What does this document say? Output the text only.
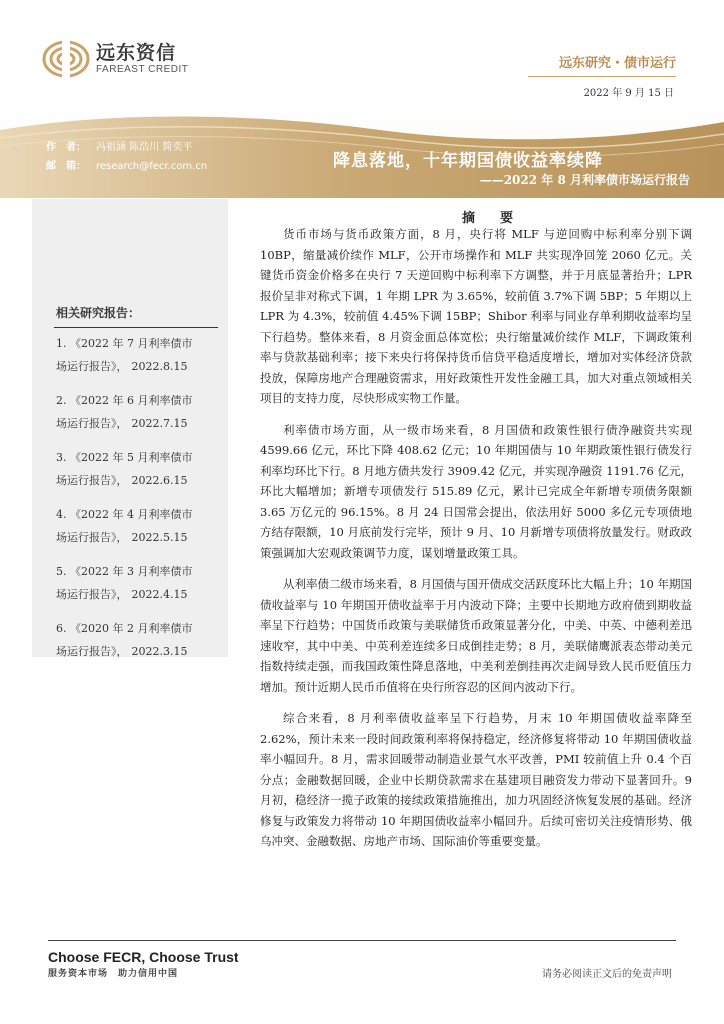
远东资信
FAREAST CREDIT	远东研究・债市运行
2022 年 9 月 15 日
作　者： 冯祖涵 陈浩川 简奕平
邮　箱： research@fecr.com.cn	降息落地，十年期国债收益率续降
——2022 年 8 月利率债市场运行报告
相关研究报告：
1. 《2022 年 7 月利率债市
场运行报告》， 2022.8.15
2. 《2022 年 6 月利率债市
场运行报告》， 2022.7.15
3. 《2022 年 5 月利率债市
场运行报告》， 2022.6.15
4. 《2022 年 4 月利率债市
场运行报告》， 2022.5.15
5. 《2022 年 3 月利率债市
场运行报告》， 2022.4.15
6. 《2020 年 2 月利率债市
场运行报告》， 2022.3.15
摘　要

货币市场与货币政策方面，8 月，央行将 MLF 与逆回购中标利率分别下调 10BP，缩量减价续作 MLF，公开市场操作和 MLF 共实现净回笼 2060 亿元。关键货币资金价格多在央行 7 天逆回购中标利率下方调整，并于月底显著抬升；LPR 报价呈非对称式下调，1 年期 LPR 为 3.65%，较前值 3.7%下调 5BP；5 年期以上 LPR 为 4.3%，较前值 4.45%下调 15BP；Shibor 利率与同业存单利期收益率均呈下行趋势。整体来看，8 月资金面总体宽松；央行缩量减价续作 MLF，下调政策利率与贷款基础利率；接下来央行将保持货币信贷平稳适度增长，增加对实体经济贷款投放，保障房地产合理融资需求，用好政策性开发性金融工具，加大对重点领域相关项目的支持力度，尽快形成实物工作量。

利率债市场方面，从一级市场来看，8 月国债和政策性银行债净融资共实现 4599.66 亿元，环比下降 408.62 亿元；10 年期国债与 10 年期政策性银行债发行利率均环比下行。8 月地方债共发行 3909.42 亿元，并实现净融资 1191.76 亿元，环比大幅增加；新增专项债发行 515.89 亿元，累计已完成全年新增专项债务限额 3.65 万亿元的 96.15%。8 月 24 日国常会提出，依法用好 5000 多亿元专项债地方结存限额，10 月底前发行完毕，预计 9 月、10 月新增专项债将放量发行。财政政策强调加大宏观政策调节力度，谋划增量政策工具。

从利率债二级市场来看，8 月国债与国开债成交活跃度环比大幅上升；10 年期国债收益率与 10 年期国开债收益率于月内波动下降；主要中长期地方政府债到期收益率呈下行趋势；中国货币政策与美联储货币政策显著分化，中美、中英、中德利差迅速收窄，其中中美、中英利差连续多日成倒挂走势；8 月，美联储鹰派表态带动美元指数持续走强，而我国政策性降息落地，中美利差倒挂再次走阔导致人民币贬值压力增加。预计近期人民币币值将在央行所容忍的区间内波动下行。

综合来看，8 月利率债收益率呈下行趋势，月末 10 年期国债收益率降至 2.62%，预计未来一段时间政策利率将保持稳定，经济修复将带动 10 年期国债收益率小幅回升。8 月，需求回暖带动制造业景气水平改善，PMI 较前值上升 0.4 个百分点；金融数据回暖，企业中长期贷款需求在基建项目融资发力带动下显著回升。9 月初，稳经济一揽子政策的接续政策措施推出，加力巩固经济恢复发展的基础。经济修复与政策发力将带动 10 年期国债收益率小幅回升。后续可密切关注疫情形势、俄乌冲突、金融数据、房地产市场、国际油价等重要变量。

Choose FECR, Choose Trust
服务资本市场　助力信用中国	请务必阅读正文后的免责声明
